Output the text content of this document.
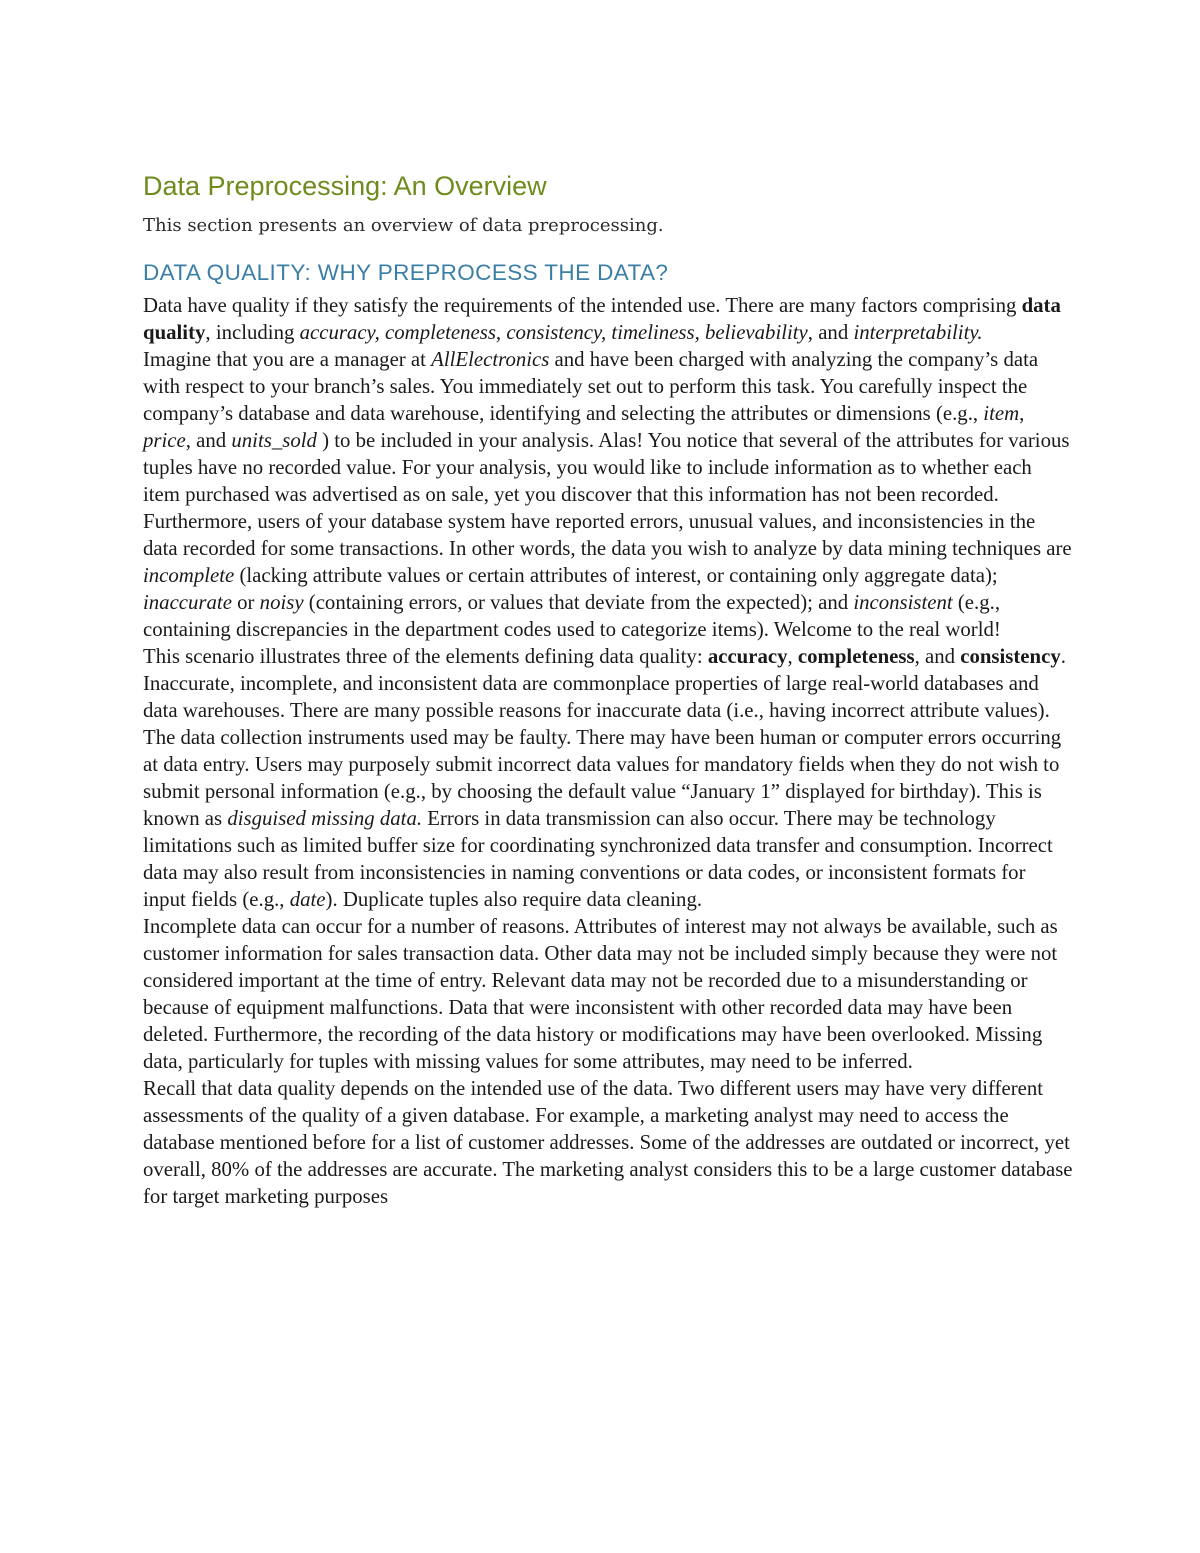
Data Preprocessing: An Overview

This section presents an overview of data preprocessing.

DATA QUALITY: WHY PREPROCESS THE DATA?

Data have quality if they satisfy the requirements of the intended use. There are many factors comprising data quality, including accuracy, completeness, consistency, timeliness, believability, and interpretability.

Imagine that you are a manager at AllElectronics and have been charged with analyzing the company’s data with respect to your branch’s sales. You immediately set out to perform this task. You carefully inspect the company’s database and data warehouse, identifying and selecting the attributes or dimensions (e.g., item, price, and units_sold ) to be included in your analysis. Alas! You notice that several of the attributes for various tuples have no recorded value. For your analysis, you would like to include information as to whether each item purchased was advertised as on sale, yet you discover that this information has not been recorded. Furthermore, users of your database system have reported errors, unusual values, and inconsistencies in the data recorded for some transactions. In other words, the data you wish to analyze by data mining techniques are incomplete (lacking attribute values or certain attributes of interest, or containing only aggregate data); inaccurate or noisy (containing errors, or values that deviate from the expected); and inconsistent (e.g., containing discrepancies in the department codes used to categorize items). Welcome to the real world!

This scenario illustrates three of the elements defining data quality: accuracy, completeness, and consistency. Inaccurate, incomplete, and inconsistent data are commonplace properties of large real-world databases and data warehouses. There are many possible reasons for inaccurate data (i.e., having incorrect attribute values). The data collection instruments used may be faulty. There may have been human or computer errors occurring at data entry. Users may purposely submit incorrect data values for mandatory fields when they do not wish to submit personal information (e.g., by choosing the default value “January 1” displayed for birthday). This is known as disguised missing data. Errors in data transmission can also occur. There may be technology limitations such as limited buffer size for coordinating synchronized data transfer and consumption. Incorrect data may also result from inconsistencies in naming conventions or data codes, or inconsistent formats for input fields (e.g., date). Duplicate tuples also require data cleaning.

Incomplete data can occur for a number of reasons. Attributes of interest may not always be available, such as customer information for sales transaction data. Other data may not be included simply because they were not considered important at the time of entry. Relevant data may not be recorded due to a misunderstanding or because of equipment malfunctions. Data that were inconsistent with other recorded data may have been deleted. Furthermore, the recording of the data history or modifications may have been overlooked. Missing data, particularly for tuples with missing values for some attributes, may need to be inferred.

Recall that data quality depends on the intended use of the data. Two different users may have very different assessments of the quality of a given database. For example, a marketing analyst may need to access the database mentioned before for a list of customer addresses. Some of the addresses are outdated or incorrect, yet overall, 80% of the addresses are accurate. The marketing analyst considers this to be a large customer database for target marketing purposes
